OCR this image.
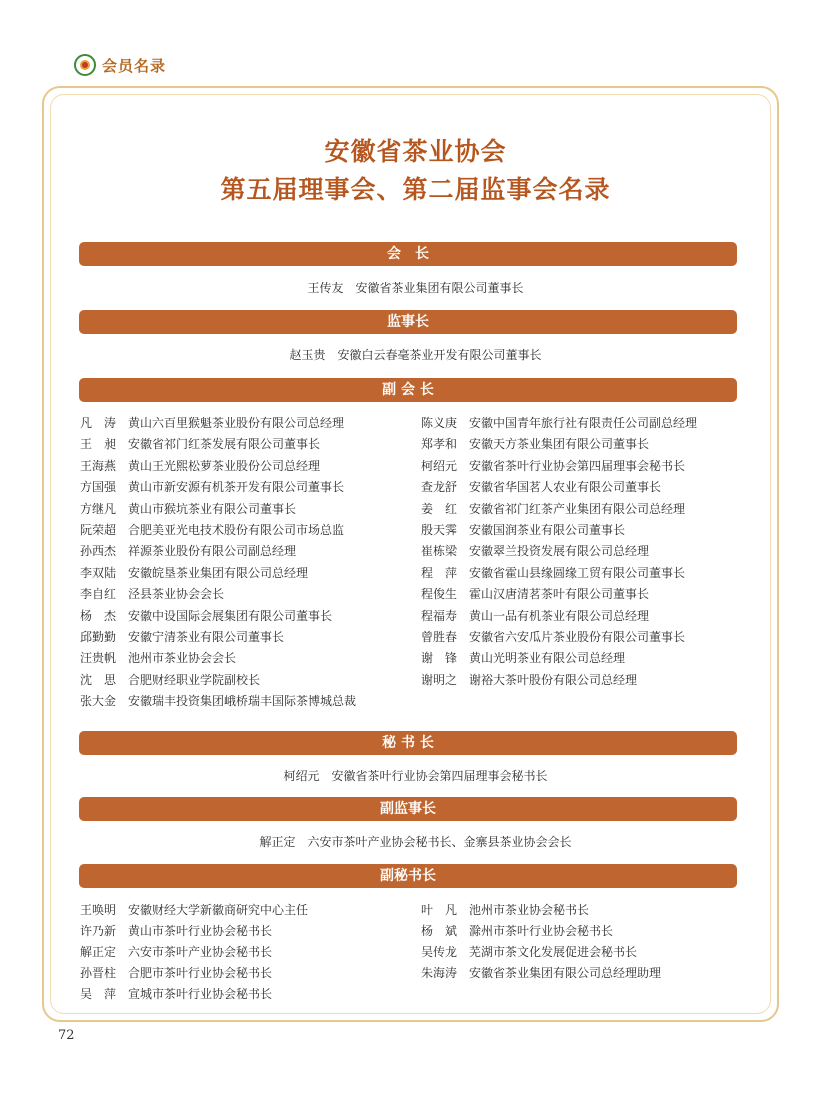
会员名录
安徽省茶业协会
第五届理事会、第二届监事会名录
会　长
王传友　安徽省茶业集团有限公司董事长
监事长
赵玉贵　安徽白云春毫茶业开发有限公司董事长
副 会 长
凡　涛 黄山六百里猴魁茶业股份有限公司总经理
王　昶 安徽省祁门红茶发展有限公司董事长
王海燕 黄山王光熙松萝茶业股份公司总经理
方国强 黄山市新安源有机茶开发有限公司董事长
方继凡 黄山市猴坑茶业有限公司董事长
阮荣超 合肥美亚光电技术股份有限公司市场总监
孙西杰 祥源茶业股份有限公司副总经理
李双陆 安徽皖垦茶业集团有限公司总经理
李自红 泾县茶业协会会长
杨　杰 安徽中设国际会展集团有限公司董事长
邱勤勤 安徽宁清茶业有限公司董事长
汪贵帆 池州市茶业协会会长
沈　思 合肥财经职业学院副校长
张大金 安徽瑞丰投资集团峨桥瑞丰国际茶博城总裁
陈义庚 安徽中国青年旅行社有限责任公司副总经理
郑孝和 安徽天方茶业集团有限公司董事长
柯绍元 安徽省茶叶行业协会第四届理事会秘书长
查龙舒 安徽省华国茗人农业有限公司董事长
姜　红 安徽省祁门红茶产业集团有限公司总经理
殷天霁 安徽国润茶业有限公司董事长
崔栋梁 安徽翠兰投资发展有限公司总经理
程　萍 安徽省霍山县缘圆缘工贸有限公司董事长
程俊生 霍山汉唐清茗茶叶有限公司董事长
程福寿 黄山一品有机茶业有限公司总经理
曾胜春 安徽省六安瓜片茶业股份有限公司董事长
谢　锋 黄山光明茶业有限公司总经理
谢明之 谢裕大茶叶股份有限公司总经理
秘 书 长
柯绍元　安徽省茶叶行业协会第四届理事会秘书长
副监事长
解正定　六安市茶叶产业协会秘书长、金寨县茶业协会会长
副秘书长
王唤明 安徽财经大学新徽商研究中心主任
许乃新 黄山市茶叶行业协会秘书长
解正定 六安市茶叶产业协会秘书长
孙晋柱 合肥市茶叶行业协会秘书长
吴　萍 宣城市茶叶行业协会秘书长
叶　凡 池州市茶业协会秘书长
杨　斌 滁州市茶叶行业协会秘书长
吴传龙 芜湖市茶文化发展促进会秘书长
朱海涛 安徽省茶业集团有限公司总经理助理
72
